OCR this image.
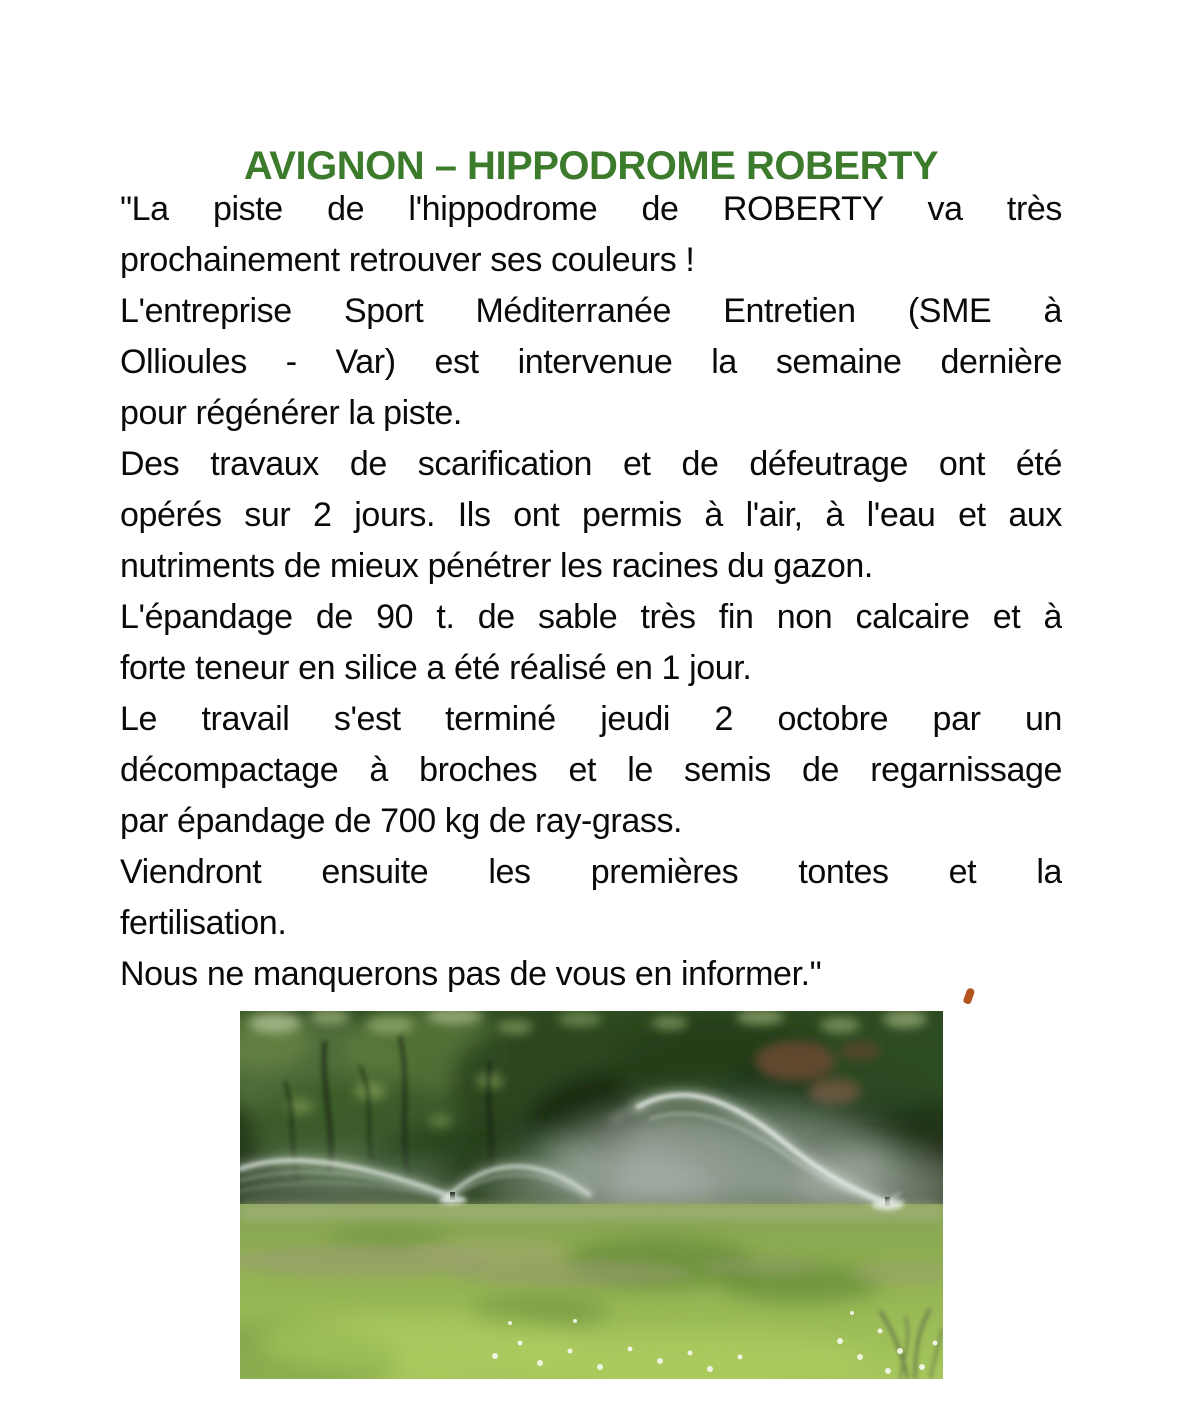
AVIGNON – HIPPODROME ROBERTY
"La piste de l'hippodrome de ROBERTY va très
prochainement retrouver ses couleurs !
L'entreprise Sport Méditerranée Entretien (SME à
Ollioules - Var) est intervenue la semaine dernière
pour régénérer la piste.
Des travaux de scarification et de défeutrage ont été
opérés sur 2 jours. Ils ont permis à l'air, à l'eau et aux
nutriments de mieux pénétrer les racines du gazon.
L'épandage de 90 t. de sable très fin non calcaire et à
forte teneur en silice a été réalisé en 1 jour.
Le travail s'est terminé jeudi 2 octobre par un
décompactage à broches et le semis de regarnissage
par épandage de 700 kg de ray-grass.
Viendront ensuite les premières tontes et la
fertilisation.
Nous ne manquerons pas de vous en informer."
